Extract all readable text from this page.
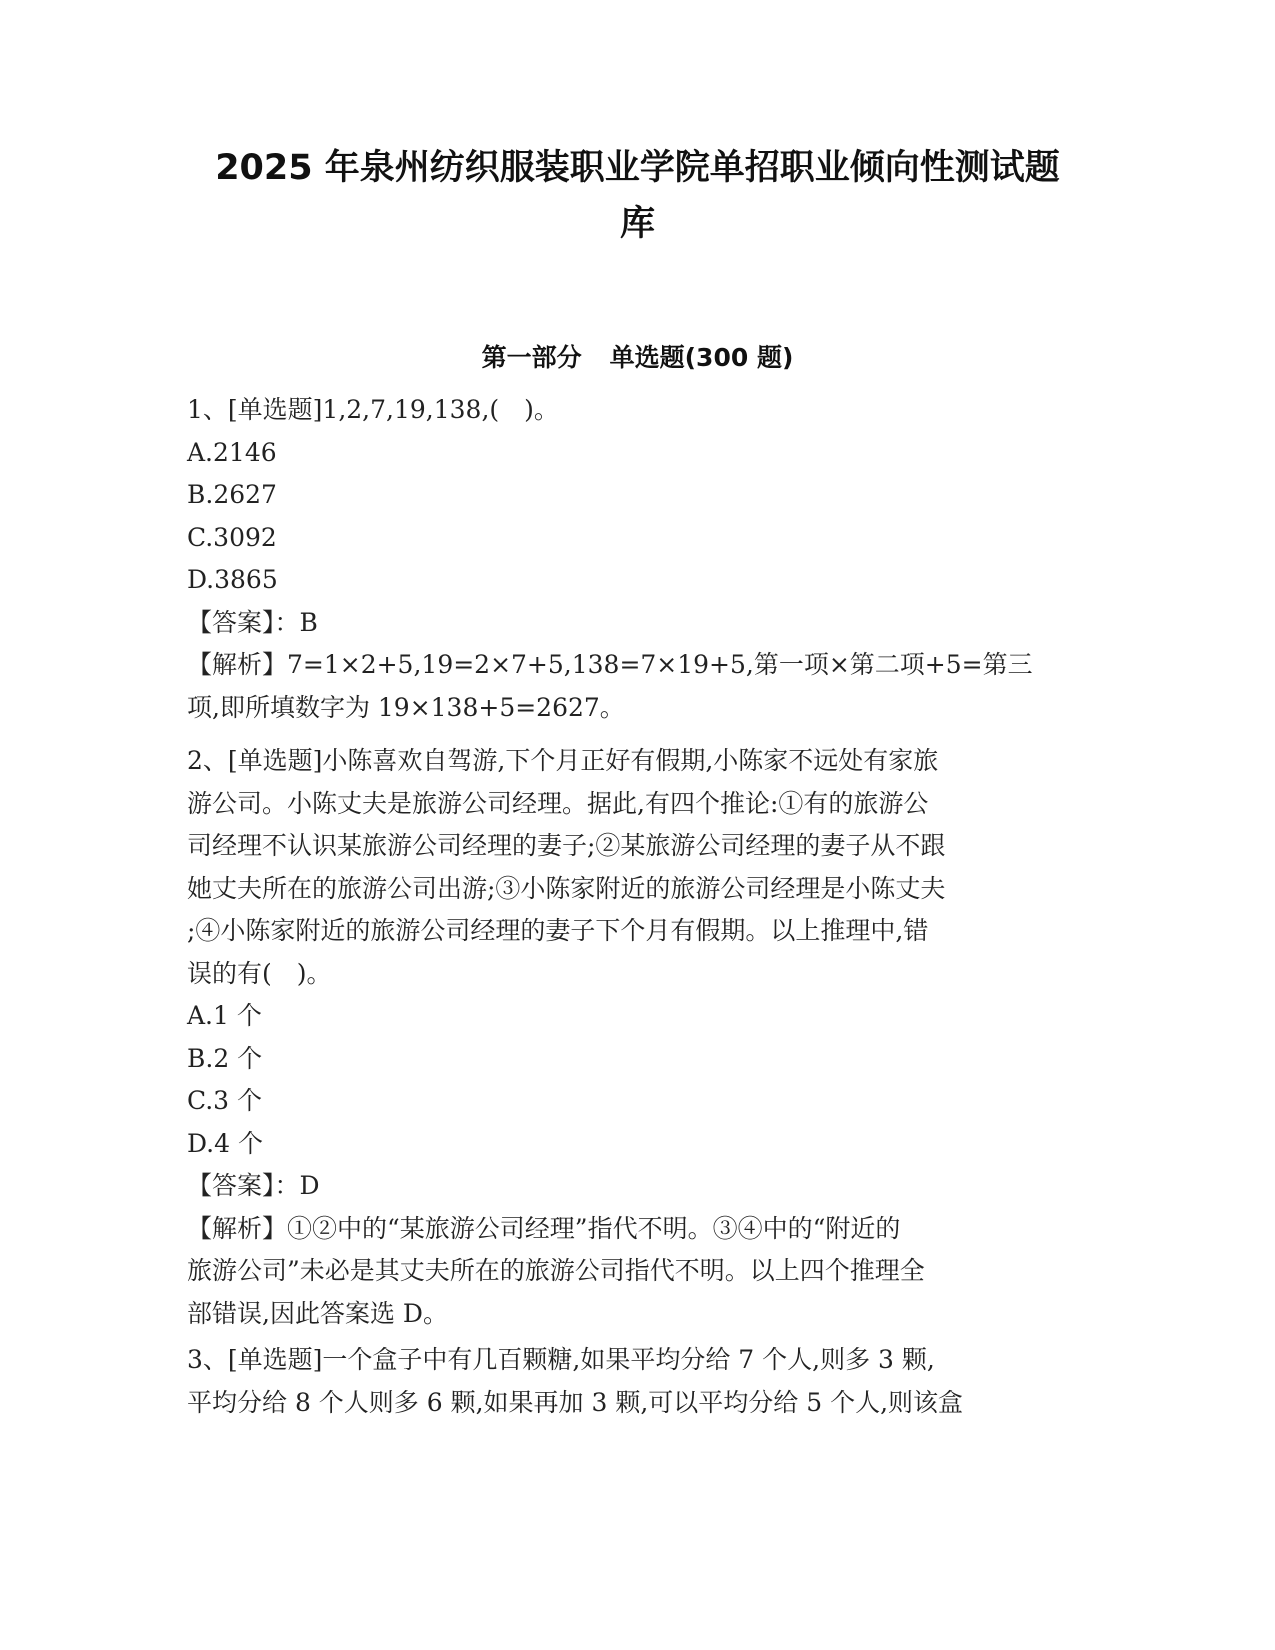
2025 年泉州纺织服装职业学院单招职业倾向性测试题
库
第一部分 单选题(300 题)
1、[单选题]1,2,7,19,138,(　)。
A.2146
B.2627
C.3092
D.3865
【答案】：B
【解析】7=1×2+5,19=2×7+5,138=7×19+5,第一项×第二项+5=第三
项,即所填数字为 19×138+5=2627。
2、[单选题]小陈喜欢自驾游,下个月正好有假期,小陈家不远处有家旅
游公司。小陈丈夫是旅游公司经理。据此,有四个推论:①有的旅游公
司经理不认识某旅游公司经理的妻子;②某旅游公司经理的妻子从不跟
她丈夫所在的旅游公司出游;③小陈家附近的旅游公司经理是小陈丈夫
;④小陈家附近的旅游公司经理的妻子下个月有假期。以上推理中,错
误的有(　)。
A.1 个
B.2 个
C.3 个
D.4 个
【答案】：D
【解析】①②中的“某旅游公司经理”指代不明。③④中的“附近的
旅游公司”未必是其丈夫所在的旅游公司指代不明。以上四个推理全
部错误,因此答案选 D。
3、[单选题]一个盒子中有几百颗糖,如果平均分给 7 个人,则多 3 颗,
平均分给 8 个人则多 6 颗,如果再加 3 颗,可以平均分给 5 个人,则该盒
